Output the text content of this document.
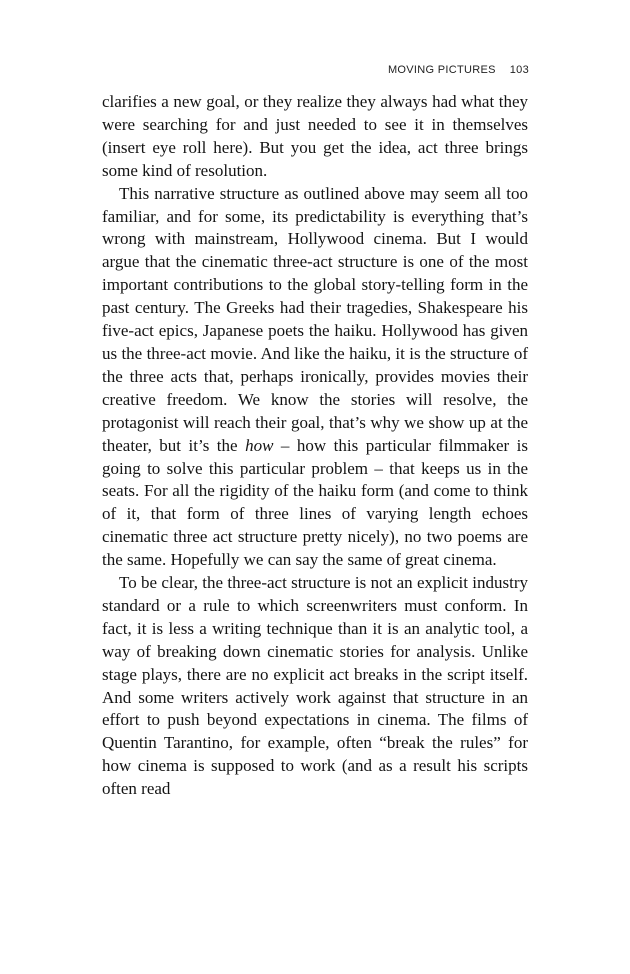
MOVING PICTURES 103

clarifies a new goal, or they realize they always had what they were searching for and just needed to see it in themselves (insert eye roll here). But you get the idea, act three brings some kind of resolution.

This narrative structure as outlined above may seem all too familiar, and for some, its predictability is everything that’s wrong with mainstream, Hollywood cinema. But I would argue that the cinematic three-act structure is one of the most important contributions to the global story-telling form in the past century. The Greeks had their tragedies, Shakespeare his five-act epics, Japanese poets the haiku. Hollywood has given us the three-act movie. And like the haiku, it is the structure of the three acts that, perhaps ironically, provides movies their creative freedom. We know the stories will resolve, the protagonist will reach their goal, that’s why we show up at the theater, but it’s the how – how this particular filmmaker is going to solve this particular problem – that keeps us in the seats. For all the rigidity of the haiku form (and come to think of it, that form of three lines of varying length echoes cinematic three act structure pretty nicely), no two poems are the same. Hopefully we can say the same of great cinema.

To be clear, the three-act structure is not an explicit industry standard or a rule to which screenwriters must conform. In fact, it is less a writing technique than it is an analytic tool, a way of breaking down cinematic stories for analysis. Unlike stage plays, there are no explicit act breaks in the script itself. And some writers actively work against that structure in an effort to push beyond expectations in cinema. The films of Quentin Tarantino, for example, often “break the rules” for how cinema is supposed to work (and as a result his scripts often read
